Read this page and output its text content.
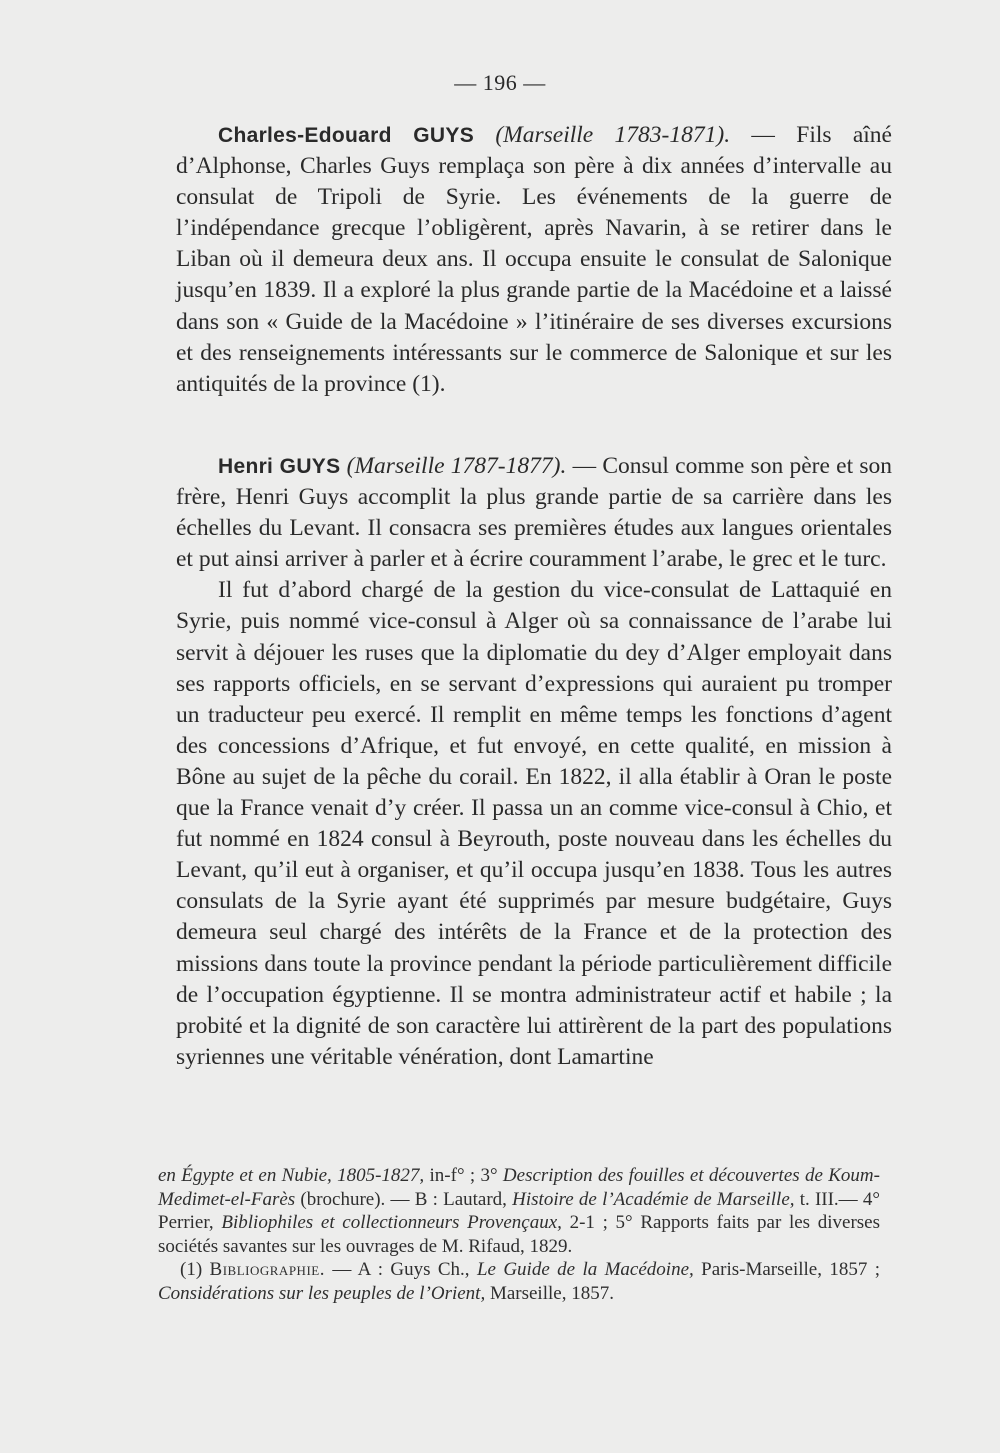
— 196 —

Charles-Edouard GUYS (Marseille 1783-1871). — Fils aîné d’Alphonse, Charles Guys remplaça son père à dix années d’intervalle au consulat de Tripoli de Syrie. Les événements de la guerre de l’indépendance grecque l’obligèrent, après Navarin, à se retirer dans le Liban où il demeura deux ans. Il occupa ensuite le consulat de Salonique jusqu’en 1839. Il a exploré la plus grande partie de la Macédoine et a laissé dans son « Guide de la Macédoine » l’itinéraire de ses diverses excursions et des renseignements intéressants sur le commerce de Salonique et sur les antiquités de la province (1).

Henri GUYS (Marseille 1787-1877). — Consul comme son père et son frère, Henri Guys accomplit la plus grande partie de sa carrière dans les échelles du Levant. Il consacra ses premières études aux langues orientales et put ainsi arriver à parler et à écrire couramment l’arabe, le grec et le turc.

Il fut d’abord chargé de la gestion du vice-consulat de Lattaquié en Syrie, puis nommé vice-consul à Alger où sa connaissance de l’arabe lui servit à déjouer les ruses que la diplomatie du dey d’Alger employait dans ses rapports officiels, en se servant d’expressions qui auraient pu tromper un traducteur peu exercé. Il remplit en même temps les fonctions d’agent des concessions d’Afrique, et fut envoyé, en cette qualité, en mission à Bône au sujet de la pêche du corail. En 1822, il alla établir à Oran le poste que la France venait d’y créer. Il passa un an comme vice-consul à Chio, et fut nommé en 1824 consul à Beyrouth, poste nouveau dans les échelles du Levant, qu’il eut à organiser, et qu’il occupa jusqu’en 1838. Tous les autres consulats de la Syrie ayant été supprimés par mesure budgétaire, Guys demeura seul chargé des intérêts de la France et de la protection des missions dans toute la province pendant la période particulièrement difficile de l’occupation égyptienne. Il se montra administrateur actif et habile ; la probité et la dignité de son caractère lui attirèrent de la part des populations syriennes une véritable vénération, dont Lamartine

en Égypte et en Nubie, 1805-1827, in-f° ; 3° Description des fouilles et découvertes de Koum-Medimet-el-Farès (brochure). — B : Lautard, Histoire de l’Académie de Marseille, t. III.— 4° Perrier, Bibliophiles et collectionneurs Provençaux, 2-1 ; 5° Rapports faits par les diverses sociétés savantes sur les ouvrages de M. Rifaud, 1829.

(1) Bibliographie. — A : Guys Ch., Le Guide de la Macédoine, Paris-Marseille, 1857 ; Considérations sur les peuples de l’Orient, Marseille, 1857.
